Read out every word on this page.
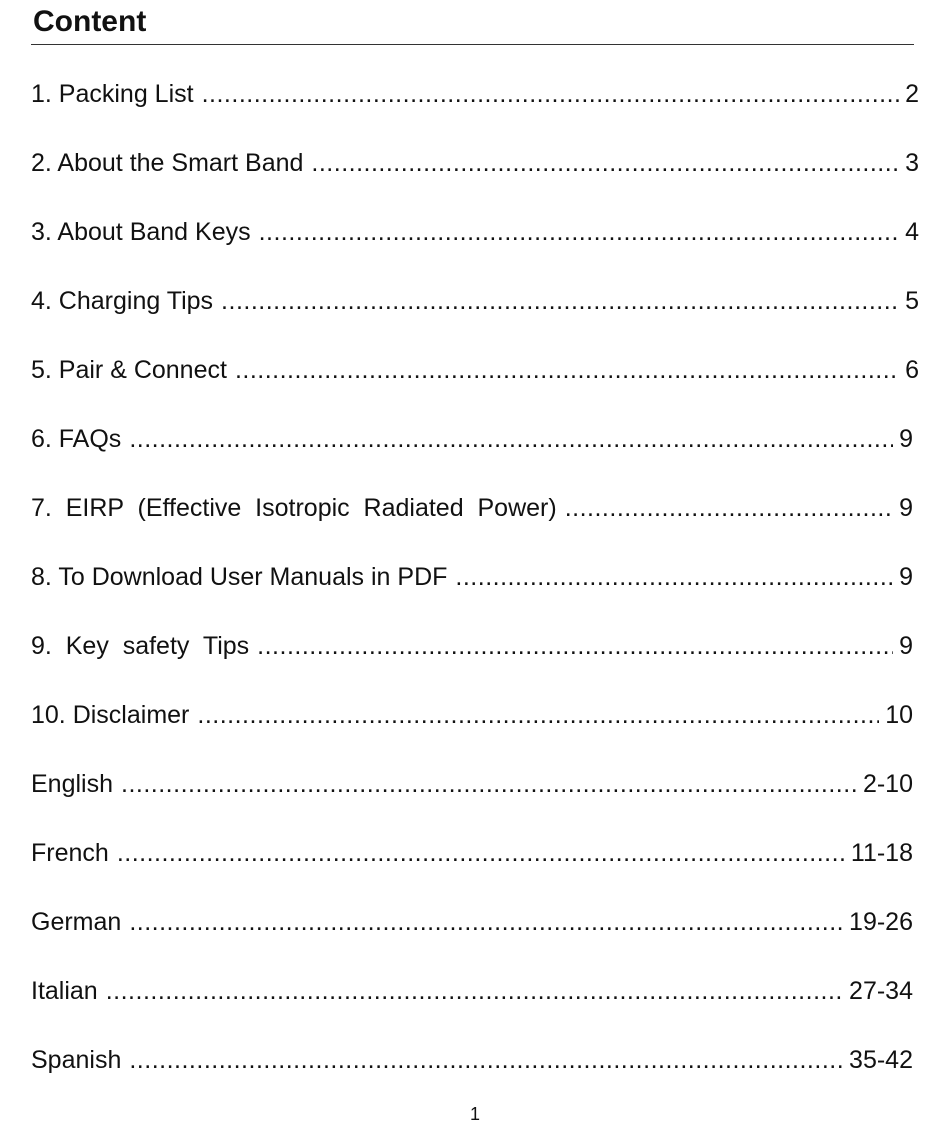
Content
1. Packing List .....	2
2. About the Smart Band .....	3
3. About Band Keys .....	4
4. Charging Tips .....	5
5. Pair & Connect .....	6
6. FAQs .....	9
7.  EIRP  (Effective  Isotropic  Radiated  Power) .....	9
8. To Download User Manuals in PDF .....	9
9.  Key  safety  Tips .....	9
10. Disclaimer .....	10
English .....	2-10
French .....	11-18
German .....	19-26
Italian .....	27-34
Spanish .....	35-42
1
